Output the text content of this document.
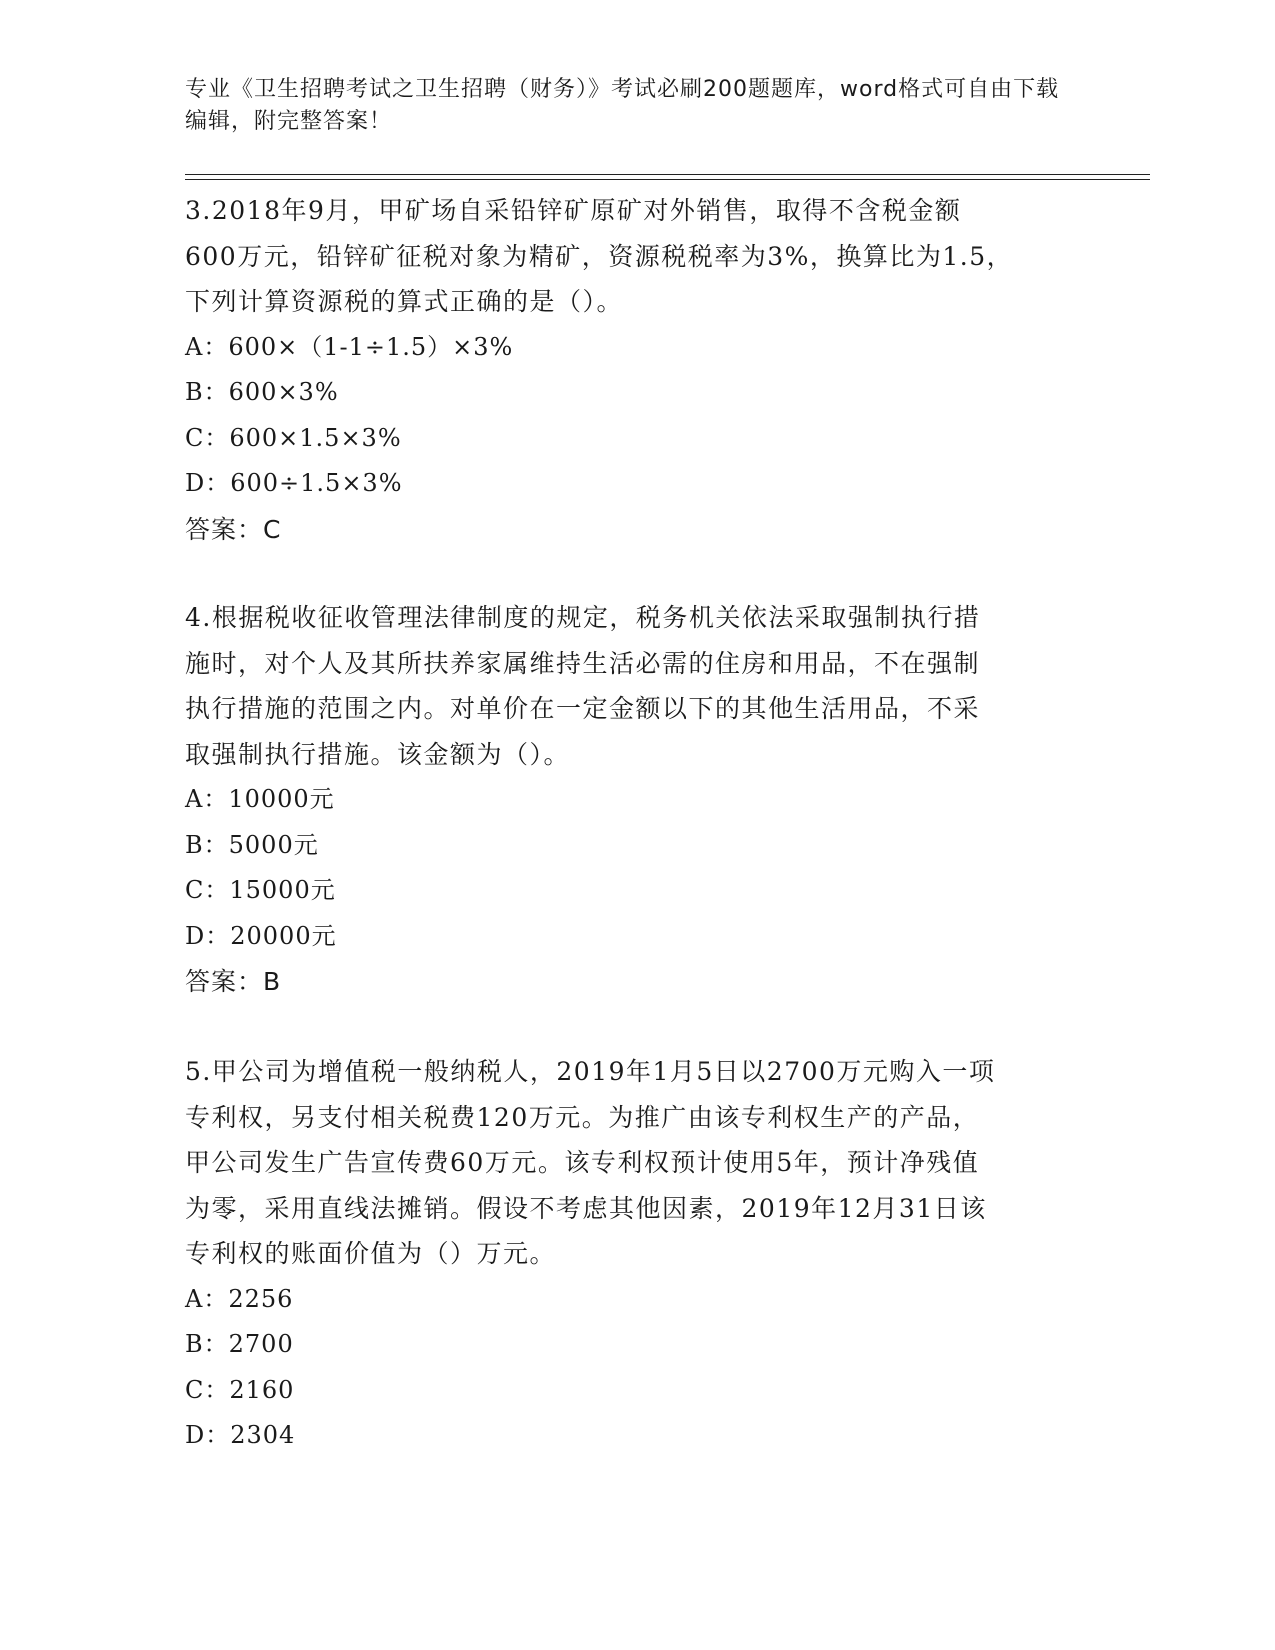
专业《卫生招聘考试之卫生招聘（财务）》考试必刷200题题库，word格式可自由下载编辑，附完整答案！

3.2018年9月，甲矿场自采铅锌矿原矿对外销售，取得不含税金额

600万元，铅锌矿征税对象为精矿，资源税税率为3%，换算比为1.5，

下列计算资源税的算式正确的是（）。

A：600×（1-1÷1.5）×3%

B：600×3%

C：600×1.5×3%

D：600÷1.5×3%

答案：C

4.根据税收征收管理法律制度的规定，税务机关依法采取强制执行措

施时，对个人及其所扶养家属维持生活必需的住房和用品，不在强制

执行措施的范围之内。对单价在一定金额以下的其他生活用品，不采

取强制执行措施。该金额为（）。

A：10000元

B：5000元

C：15000元

D：20000元

答案：B

5.甲公司为增值税一般纳税人，2019年1月5日以2700万元购入一项

专利权，另支付相关税费120万元。为推广由该专利权生产的产品，

甲公司发生广告宣传费60万元。该专利权预计使用5年，预计净残值

为零，采用直线法摊销。假设不考虑其他因素，2019年12月31日该

专利权的账面价值为（）万元。

A：2256

B：2700

C：2160

D：2304
